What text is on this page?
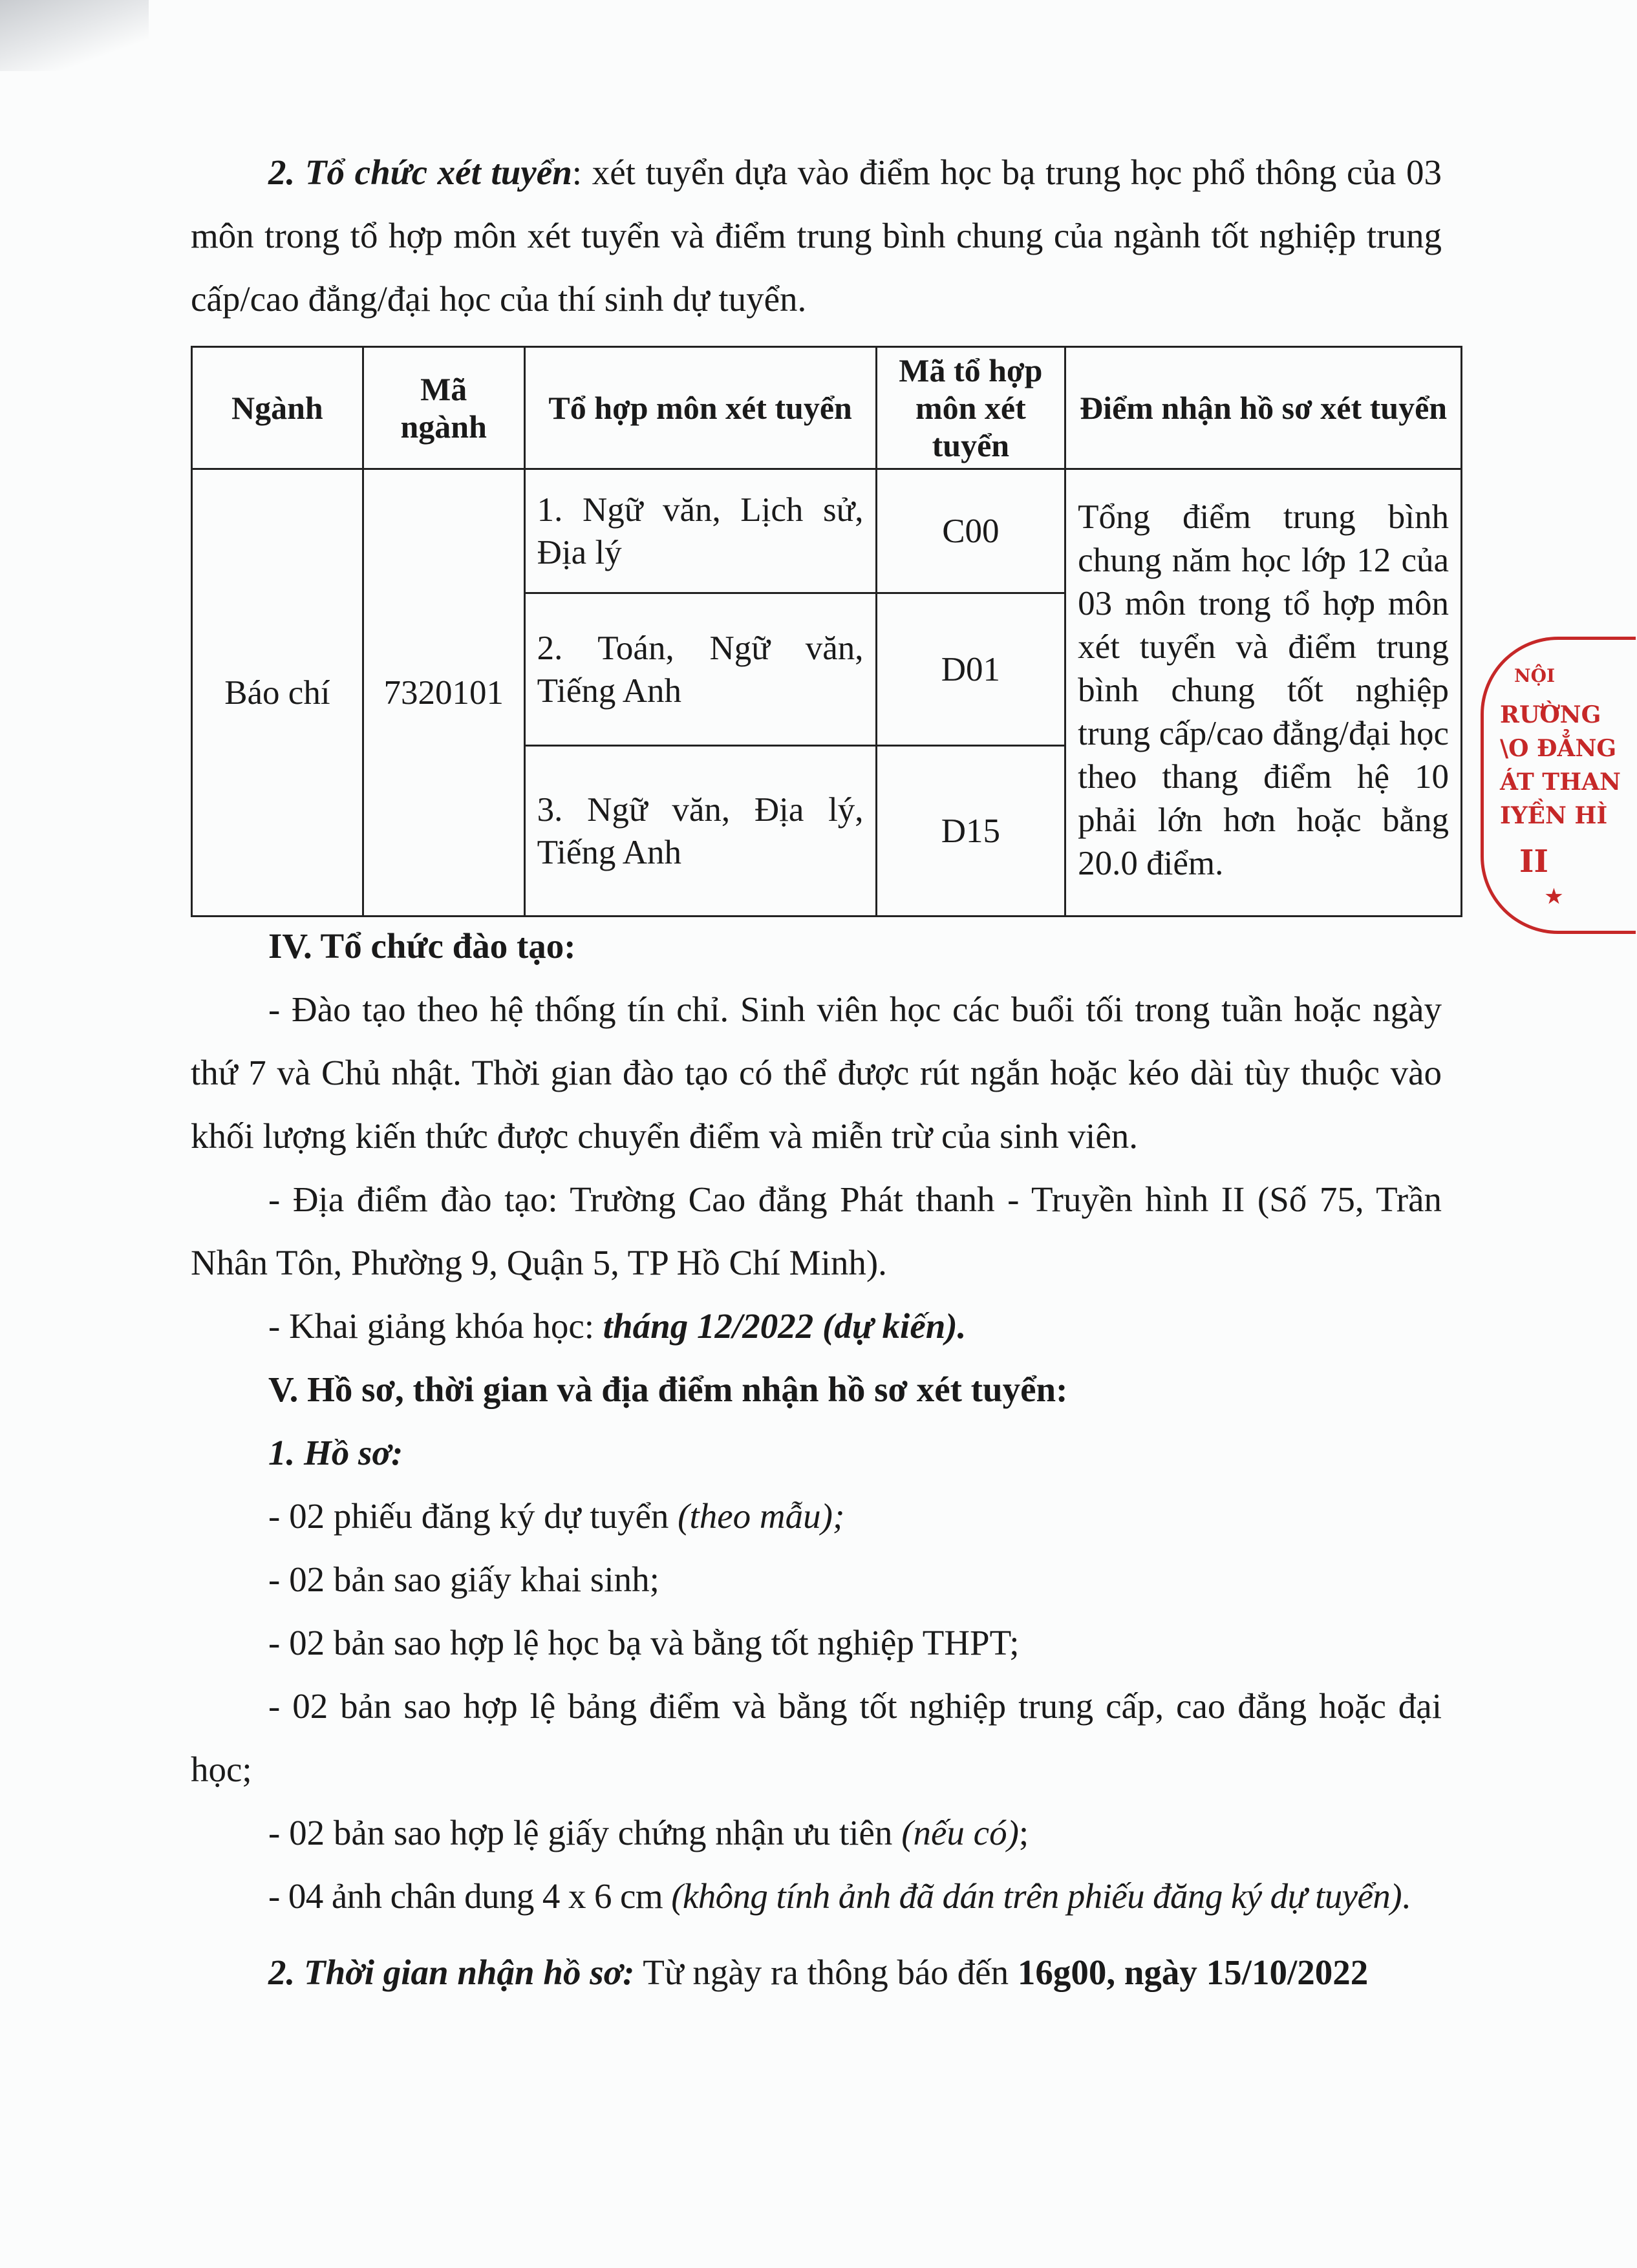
2. Tổ chức xét tuyển: xét tuyển dựa vào điểm học bạ trung học phổ thông của 03 môn trong tổ hợp môn xét tuyển và điểm trung bình chung của ngành tốt nghiệp trung cấp/cao đẳng/đại học của thí sinh dự tuyển.

Ngành	Mã ngành	Tổ hợp môn xét tuyển	Mã tổ hợp môn xét tuyển	Điểm nhận hồ sơ xét tuyển
Báo chí	7320101	1. Ngữ văn, Lịch sử, Địa lý	C00	Tổng điểm trung bình chung năm học lớp 12 của 03 môn trong tổ hợp môn xét tuyển và điểm trung bình chung tốt nghiệp trung cấp/cao đẳng/đại học theo thang điểm hệ 10 phải lớn hơn hoặc bằng 20.0 điểm.
		2. Toán, Ngữ văn, Tiếng Anh	D01	
		3. Ngữ văn, Địa lý, Tiếng Anh	D15	
NỘI
RƯỜNG
\O ĐẲNG
ÁT THAN
IYỀN HÌ
II
★

IV. Tổ chức đào tạo:

- Đào tạo theo hệ thống tín chỉ. Sinh viên học các buổi tối trong tuần hoặc ngày thứ 7 và Chủ nhật. Thời gian đào tạo có thể được rút ngắn hoặc kéo dài tùy thuộc vào khối lượng kiến thức được chuyển điểm và miễn trừ của sinh viên.

- Địa điểm đào tạo: Trường Cao đẳng Phát thanh - Truyền hình II (Số 75, Trần Nhân Tôn, Phường 9, Quận 5, TP Hồ Chí Minh).

- Khai giảng khóa học: tháng 12/2022 (dự kiến).

V. Hồ sơ, thời gian và địa điểm nhận hồ sơ xét tuyển:

1. Hồ sơ:

- 02 phiếu đăng ký dự tuyển (theo mẫu);

- 02 bản sao giấy khai sinh;

- 02 bản sao hợp lệ học bạ và bằng tốt nghiệp THPT;

- 02 bản sao hợp lệ bảng điểm và bằng tốt nghiệp trung cấp, cao đẳng hoặc đại học;

- 02 bản sao hợp lệ giấy chứng nhận ưu tiên (nếu có);

- 04 ảnh chân dung 4 x 6 cm (không tính ảnh đã dán trên phiếu đăng ký dự tuyển).

2. Thời gian nhận hồ sơ: Từ ngày ra thông báo đến 16g00, ngày 15/10/2022
